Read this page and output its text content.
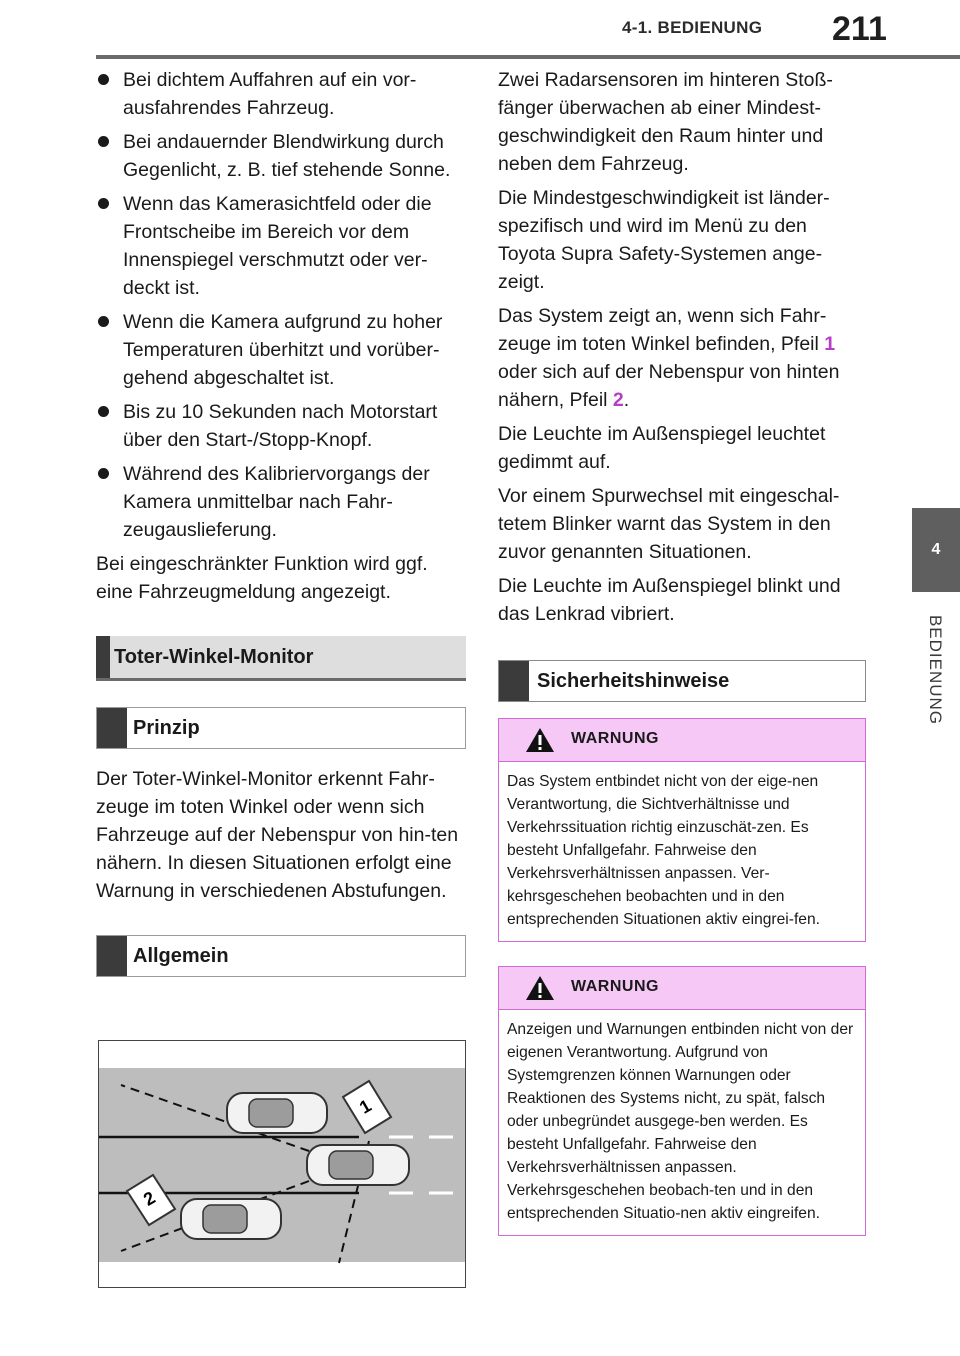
4-1. BEDIENUNG 211
4
BEDIENUNG
Bei dichtem Auffahren auf ein vor-ausfahrendes Fahrzeug.
Bei andauernder Blendwirkung durch Gegenlicht, z. B. tief stehende Sonne.
Wenn das Kamerasichtfeld oder die Frontscheibe im Bereich vor dem Innenspiegel verschmutzt oder ver-deckt ist.
Wenn die Kamera aufgrund zu hoher Temperaturen überhitzt und vorüber-gehend abgeschaltet ist.
Bis zu 10 Sekunden nach Motorstart über den Start-/Stopp-Knopf.
Während des Kalibriervorgangs der Kamera unmittelbar nach Fahr-zeugauslieferung.

Bei eingeschränkter Funktion wird ggf. eine Fahrzeugmeldung angezeigt.

Toter-Winkel-Monitor
Prinzip

Der Toter-Winkel-Monitor erkennt Fahr-zeuge im toten Winkel oder wenn sich Fahrzeuge auf der Nebenspur von hin-ten nähern. In diesen Situationen erfolgt eine Warnung in verschiedenen Abstufungen.

Allgemein
1
2

Zwei Radarsensoren im hinteren Stoß-fänger überwachen ab einer Mindest-geschwindigkeit den Raum hinter und neben dem Fahrzeug.

Die Mindestgeschwindigkeit ist länder-spezifisch und wird im Menü zu den Toyota Supra Safety-Systemen ange-zeigt.

Das System zeigt an, wenn sich Fahr-zeuge im toten Winkel befinden, Pfeil 1 oder sich auf der Nebenspur von hinten nähern, Pfeil 2.

Die Leuchte im Außenspiegel leuchtet gedimmt auf.

Vor einem Spurwechsel mit eingeschal-tetem Blinker warnt das System in den zuvor genannten Situationen.

Die Leuchte im Außenspiegel blinkt und das Lenkrad vibriert.

Sicherheitshinweise
WARNUNG
Das System entbindet nicht von der eige-nen Verantwortung, die Sichtverhältnisse und Verkehrssituation richtig einzuschät-zen. Es besteht Unfallgefahr. Fahrweise den Verkehrsverhältnissen anpassen. Ver-kehrsgeschehen beobachten und in den entsprechenden Situationen aktiv eingrei-fen.
WARNUNG
Anzeigen und Warnungen entbinden nicht von der eigenen Verantwortung. Aufgrund von Systemgrenzen können Warnungen oder Reaktionen des Systems nicht, zu spät, falsch oder unbegründet ausgege-ben werden. Es besteht Unfallgefahr. Fahrweise den Verkehrsverhältnissen anpassen. Verkehrsgeschehen beobach-ten und in den entsprechenden Situatio-nen aktiv eingreifen.
